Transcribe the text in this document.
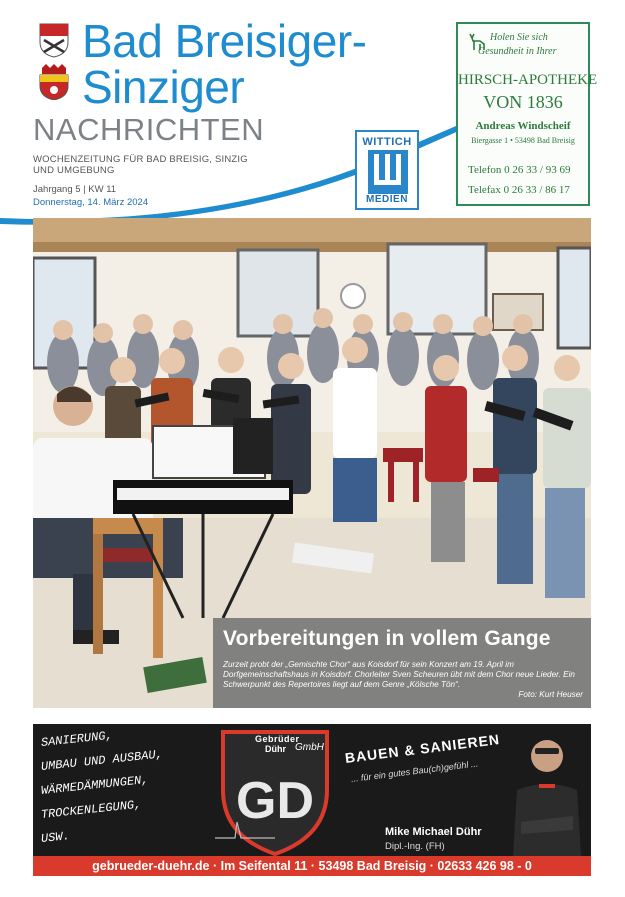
Bad Breisiger-
Sinziger
NACHRICHTEN
WOCHENZEITUNG FÜR BAD BREISIG, SINZIG UND UMGEBUNG
Jahrgang 5 | KW 11
Donnerstag, 14. März 2024
WITTICH
MEDIEN
Holen Sie sich
Gesundheit in Ihrer
HIRSCH-APOTHEKE
VON 1836
Andreas Windscheif
Biergasse 1 • 53498 Bad Breisig
Telefon 0 26 33 / 93 69
Telefax 0 26 33 / 86 17
Vorbereitungen in vollem Gange
Zurzeit probt der „Gemischte Chor“ aus Koisdorf für sein Konzert am 19. April im Dorfgemeinschaftshaus in Koisdorf. Chorleiter Sven Scheuren übt mit dem Chor neue Lieder. Ein Schwerpunkt des Repertoires liegt auf dem Genre „Kölsche Tön“.
Foto: Kurt Heuser
SANIERUNG,
UMBAU UND AUSBAU,
WÄRMEDÄMMUNGEN,
TROCKENLEGUNG,
USW.
GD
Gebrüder
Dühr GmbH BAUEN & SANIEREN
... für ein gutes Bau(ch)gefühl ...
Mike Michael Dühr
Dipl.-Ing. (FH)
gebrueder-duehr.de · Im Seifental 11 · 53498 Bad Breisig · 02633 426 98 - 0
